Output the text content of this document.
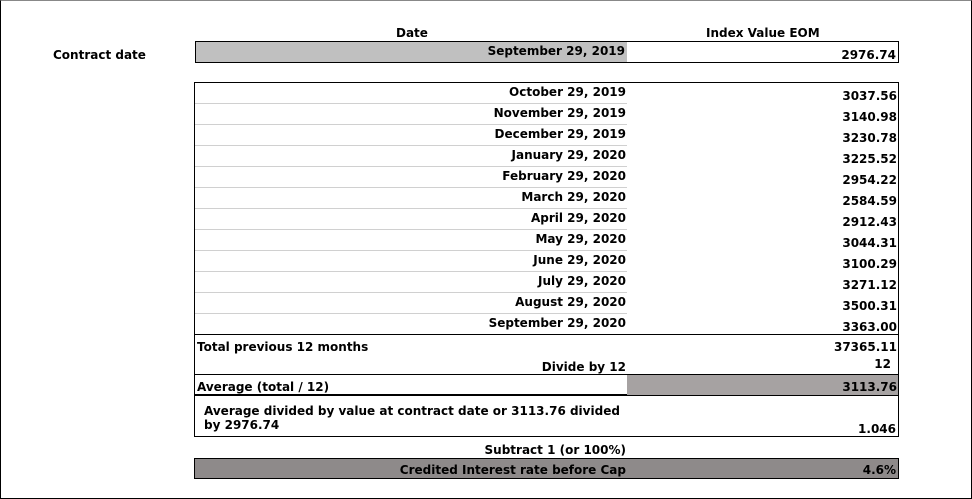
Date	Index Value EOM
Contract date	September 29, 2019	2976.74
October 29, 2019	3037.56
November 29, 2019	3140.98
December 29, 2019	3230.78
January 29, 2020	3225.52
February 29, 2020	2954.22
March 29, 2020	2584.59
April 29, 2020	2912.43
May 29, 2020	3044.31
June 29, 2020	3100.29
July 29, 2020	3271.12
August 29, 2020	3500.31
September 29, 2020	3363.00
Total previous 12 months	37365.11
Divide by 12	12
Average (total / 12)	3113.76
Average divided by value at contract date or 3113.76 divided by 2976.74	1.046
Subtract 1 (or 100%)
Credited Interest rate before Cap	4.6%
